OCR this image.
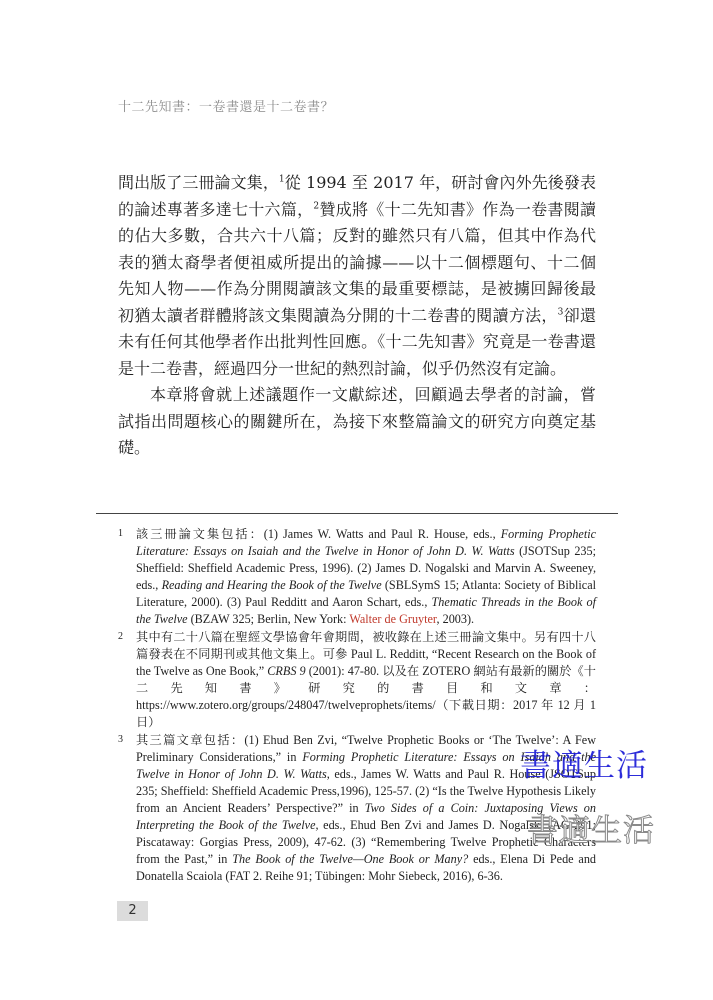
十二先知書：一卷書還是十二卷書？

間出版了三冊論文集，$^1$從 1994 至 2017 年，研討會內外先後發表的論述專著多達七十六篇，$^2$贊成將《十二先知書》作為一卷書閱讀的佔大多數，合共六十八篇；反對的雖然只有八篇，但其中作為代表的猶太裔學者便祖威所提出的論據——以十二個標題句、十二個先知人物——作為分開閱讀該文集的最重要標誌，是被擄回歸後最初猶太讀者群體將該文集閱讀為分開的十二卷書的閱讀方法，$^3$卻還未有任何其他學者作出批判性回應。《十二先知書》究竟是一卷書還是十二卷書，經過四分一世紀的熱烈討論，似乎仍然沒有定論。

本章將會就上述議題作一文獻綜述，回顧過去學者的討論，嘗試指出問題核心的關鍵所在，為接下來整篇論文的研究方向奠定基礎。

1 該三冊論文集包括：(1) James W. Watts and Paul R. House, eds., Forming Prophetic Literature: Essays on Isaiah and the Twelve in Honor of John D. W. Watts (JSOTSup 235; Sheffield: Sheffield Academic Press, 1996). (2) James D. Nogalski and Marvin A. Sweeney, eds., Reading and Hearing the Book of the Twelve (SBLSymS 15; Atlanta: Society of Biblical Literature, 2000). (3) Paul Redditt and Aaron Schart, eds., Thematic Threads in the Book of the Twelve (BZAW 325; Berlin, New York: Walter de Gruyter, 2003).
2 其中有二十八篇在聖經文學協會年會期間，被收錄在上述三冊論文集中。另有四十八篇發表在不同期刊或其他文集上。可參 Paul L. Redditt, “Recent Research on the Book of the Twelve as One Book,” CRBS 9 (2001): 47-80. 以及在 ZOTERO 網站有最新的關於《十二先知書》研究的書目和文章：https://www.zotero.org/groups/248047/twelveprophets/items/（下載日期：2017 年 12 月 1 日）
3 其三篇文章包括：(1) Ehud Ben Zvi, “Twelve Prophetic Books or ‘The Twelve’: A Few Preliminary Considerations,” in Forming Prophetic Literature: Essays on Isaiah and the Twelve in Honor of John D. W. Watts, eds., James W. Watts and Paul R. House (JSOTSup 235; Sheffield: Sheffield Academic Press,1996), 125-57. (2) “Is the Twelve Hypothesis Likely from an Ancient Readers’ Perspective?” in Two Sides of a Coin: Juxtaposing Views on Interpreting the Book of the Twelve, eds., Ehud Ben Zvi and James D. Nogalski (AG 201; Piscataway: Gorgias Press, 2009), 47-62. (3) “Remembering Twelve Prophetic Characters from the Past,” in The Book of the Twelve—One Book or Many? eds., Elena Di Pede and Donatella Scaiola (FAT 2. Reihe 91; Tübingen: Mohr Siebeck, 2016), 6-36.
書適生活
書適生活
2
